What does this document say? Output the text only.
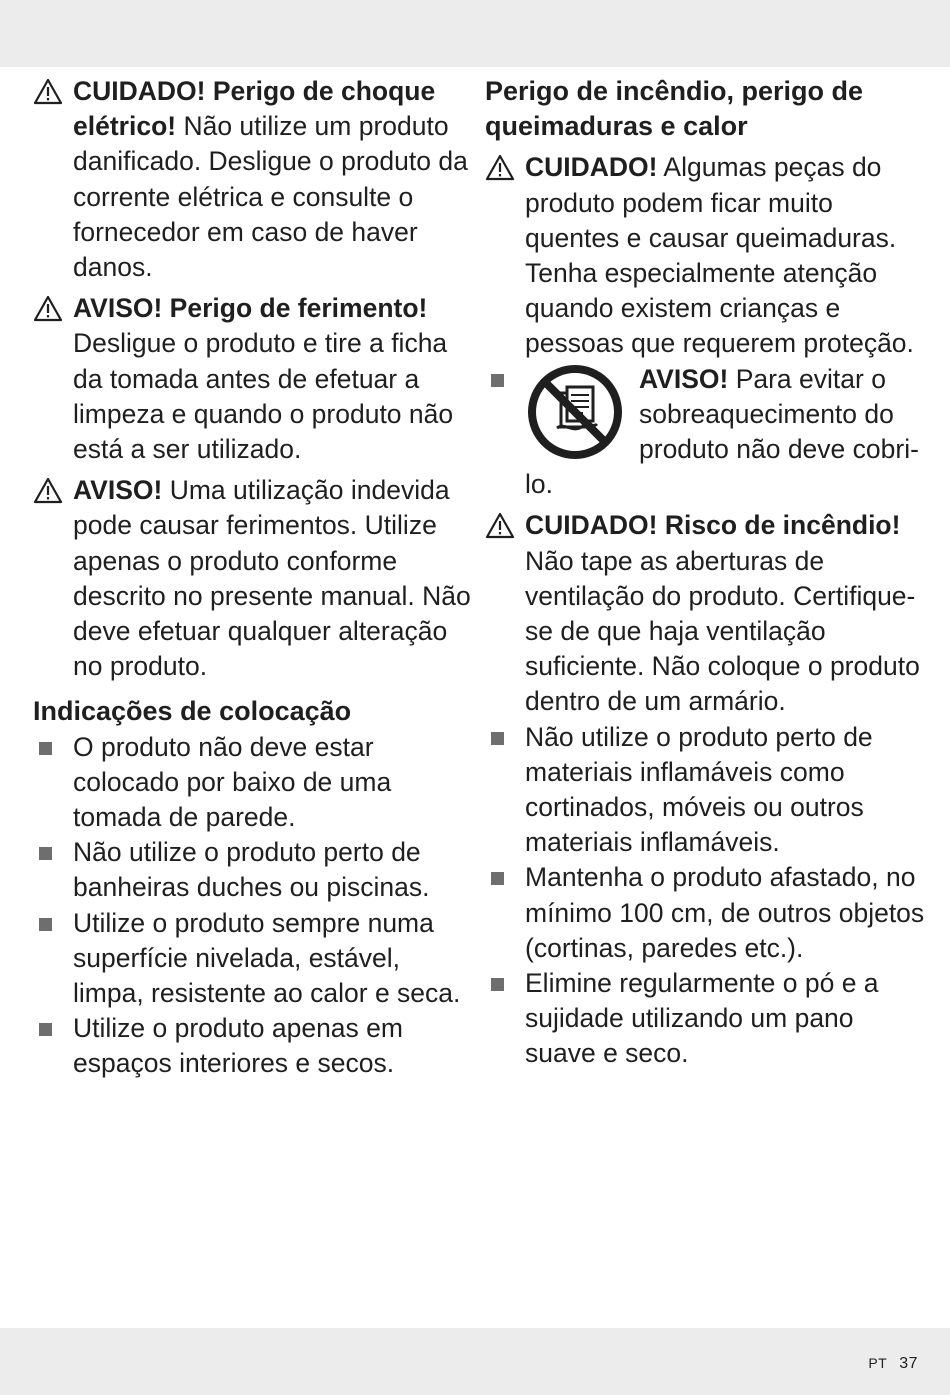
CUIDADO! Perigo de choque elétrico! Não utilize um produto danificado. Desligue o produto da corrente elétrica e consulte o fornecedor em caso de haver danos.

AVISO! Perigo de ferimento! Desligue o produto e tire a ficha da tomada antes de efetuar a limpeza e quando o produto não está a ser utilizado.

AVISO! Uma utilização indevida pode causar ferimentos. Utilize apenas o produto conforme descrito no presente manual. Não deve efetuar qualquer alteração no produto.

Indicações de colocação

O produto não deve estar colocado por baixo de uma tomada de parede.

Não utilize o produto perto de banheiras duches ou piscinas.

Utilize o produto sempre numa superfície nivelada, estável, limpa, resistente ao calor e seca.

Utilize o produto apenas em espaços interiores e secos.

Perigo de incêndio, perigo de queimaduras e calor

CUIDADO! Algumas peças do produto podem ficar muito quentes e causar queimaduras. Tenha especialmente atenção quando existem crianças e pessoas que requerem proteção.

AVISO! Para evitar o sobreaquecimento do produto não deve cobri-lo.

CUIDADO! Risco de incêndio! Não tape as aberturas de ventilação do produto. Certifique-se de que haja ventilação suficiente. Não coloque o produto dentro de um armário.

Não utilize o produto perto de materiais inflamáveis como cortinados, móveis ou outros materiais inflamáveis.

Mantenha o produto afastado, no mínimo 100 cm, de outros objetos (cortinas, paredes etc.).

Elimine regularmente o pó e a sujidade utilizando um pano suave e seco.

PT 37
